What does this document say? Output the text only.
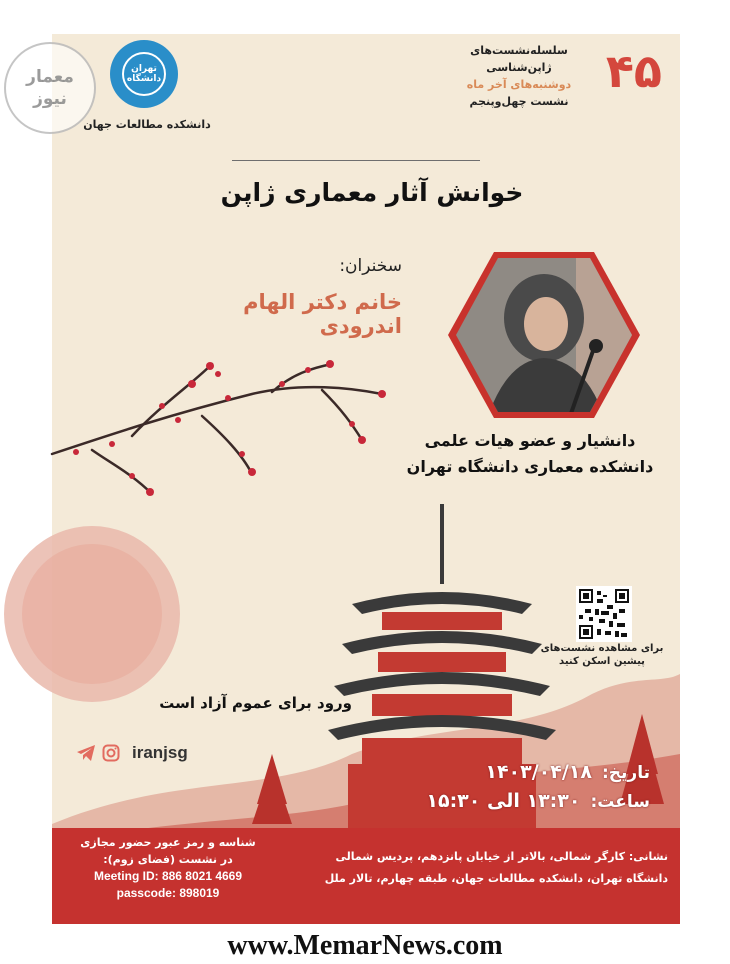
معمار
نیوز
تهران
دانشگاه
دانشکده مطالعات جهان
سلسله‌نشست‌های
ژاپن‌شناسی
دوشنبه‌های آخر ماه
نشست چهل‌و‌پنجم
۴۵
خوانش آثار معماری ژاپن
سخنران:
خانم دکتر الهام اندرودی
دانشیار و عضو هیات علمی
دانشکده معماری دانشگاه تهران
برای مشاهده نشست‌های
پیشین اسکن کنید
ورود برای عموم آزاد است
iranjsg
تاریخ:
۱۴۰۳/۰۴/۱۸
ساعت:
۱۳:۳۰ الی ۱۵:۳۰
شناسه و رمز عبور حضور مجازی
در نشست (فضای زوم):
Meeting ID: 886 8021 4669
passcode: 898019
نشانی: کارگر شمالی، بالاتر از خیابان پانزدهم، پردیس شمالی
دانشگاه تهران، دانشکده مطالعات جهان، طبقه چهارم، تالار ملل
www.MemarNews.com
